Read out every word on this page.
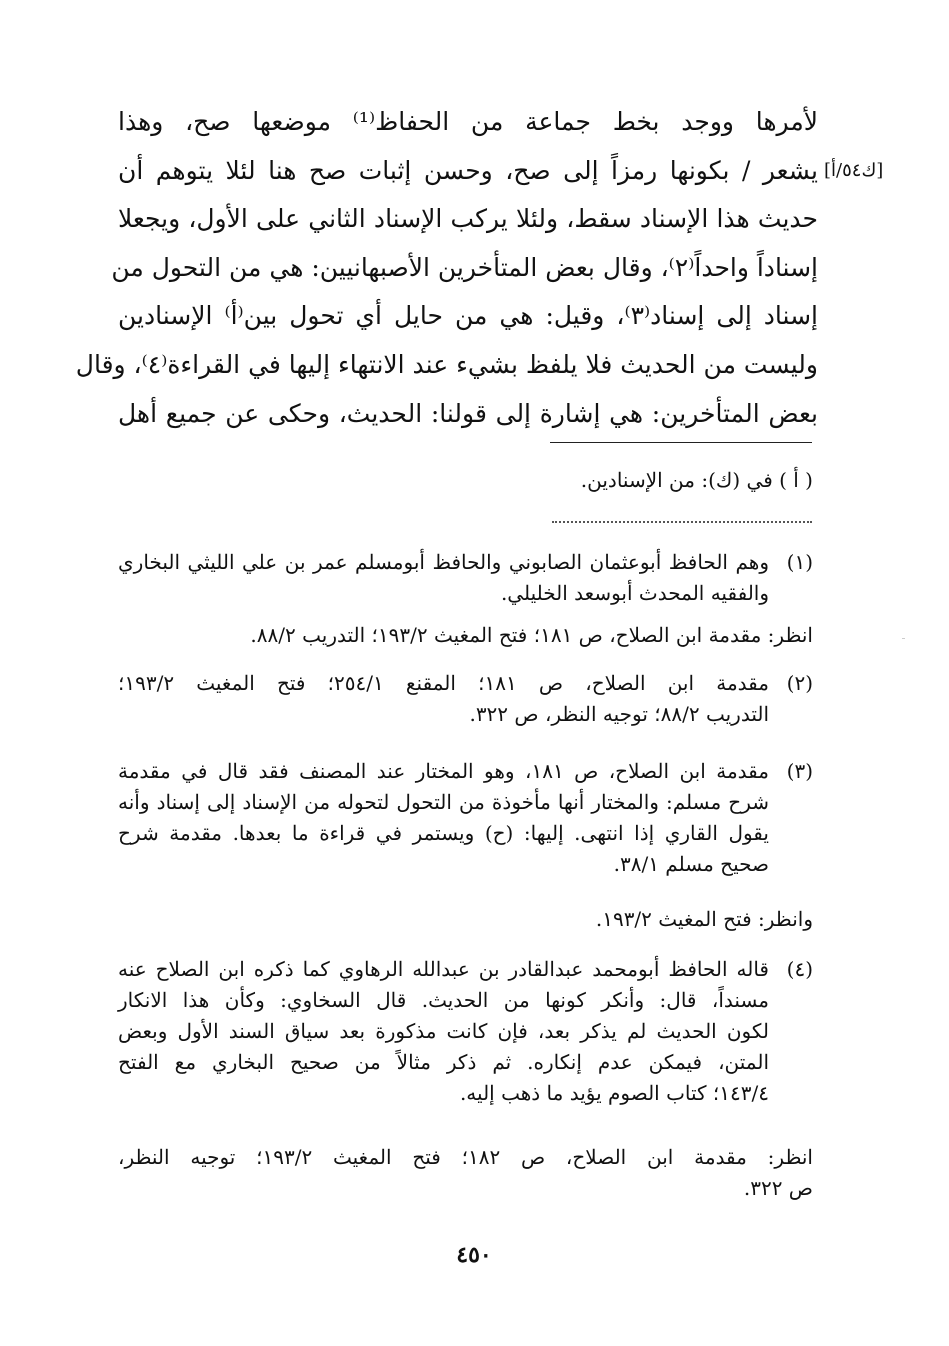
لأمرها ووجد بخط جماعة من الحفاظ⁽¹⁾ موضعها صح، وهذا
يشعر / بكونها رمزاً إلى صح، وحسن إثبات صح هنا لئلا يتوهم أن
حديث هذا الإسناد سقط، ولئلا يركب الإسناد الثاني على الأول، ويجعلا
إسناداً واحداً⁽٢⁾، وقال بعض المتأخرين الأصبهانيين: هي من التحول من
إسناد إلى إسناد⁽٣⁾، وقيل: هي من حايل أي تحول بين⁽أ⁾ الإسنادين
وليست من الحديث فلا يلفظ بشيء عند الانتهاء إليها في القراءة⁽٤⁾، وقال
بعض المتأخرين: هي إشارة إلى قولنا: الحديث، وحكى عن جميع أهل
[ك٥٤/أ]
( أ ) في (ك): من الإسنادين.
(١)
وهم الحافظ أبوعثمان الصابوني والحافظ أبومسلم عمر بن علي الليثي البخاري
والفقيه المحدث أبوسعد الخليلي.
انظر: مقدمة ابن الصلاح، ص ١٨١؛ فتح المغيث ١٩٣/٢؛ التدريب ٨٨/٢.
(٢)
مقدمة ابن الصلاح، ص ١٨١؛ المقنع ٢٥٤/١؛ فتح المغيث ١٩٣/٢؛
التدريب ٨٨/٢؛ توجيه النظر، ص ٣٢٢.
(٣)
مقدمة ابن الصلاح، ص ١٨١، وهو المختار عند المصنف فقد قال في مقدمة
شرح مسلم: والمختار أنها مأخوذة من التحول لتحوله من الإسناد إلى إسناد وأنه
يقول القاري إذا انتهى. إليها: (ح) ويستمر في قراءة ما بعدها. مقدمة شرح
صحيح مسلم ٣٨/١.
وانظر: فتح المغيث ١٩٣/٢.
(٤)
قاله الحافظ أبومحمد عبدالقادر بن عبدالله الرهاوي كما ذكره ابن الصلاح عنه
مسنداً، قال: وأنكر كونها من الحديث. قال السخاوي: وكأن هذا الانكار
لكون الحديث لم يذكر بعد، فإن كانت مذكورة بعد سياق السند الأول وبعض
المتن، فيمكن عدم إنكاره. ثم ذكر مثالاً من صحيح البخاري مع الفتح
١٤٣/٤؛ كتاب الصوم يؤيد ما ذهب إليه.
انظر: مقدمة ابن الصلاح، ص ١٨٢؛ فتح المغيث ١٩٣/٢؛ توجيه النظر،
ص ٣٢٢.
٤٥٠
